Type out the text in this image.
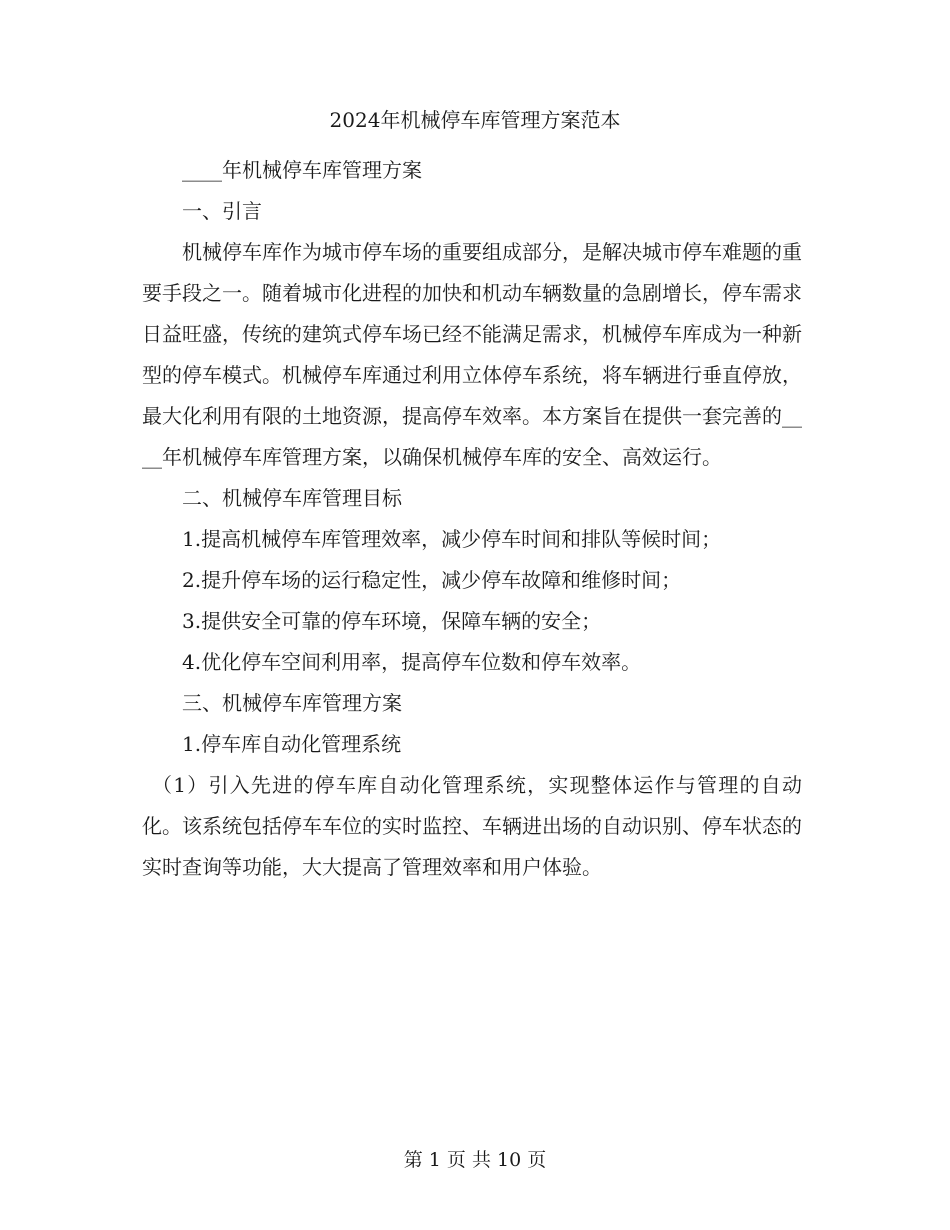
2024年机械停车库管理方案范本

____年机械停车库管理方案

一、引言

机械停车库作为城市停车场的重要组成部分，是解决城市停车难题的重要手段之一。随着城市化进程的加快和机动车辆数量的急剧增长，停车需求日益旺盛，传统的建筑式停车场已经不能满足需求，机械停车库成为一种新型的停车模式。机械停车库通过利用立体停车系统，将车辆进行垂直停放，最大化利用有限的土地资源，提高停车效率。本方案旨在提供一套完善的____年机械停车库管理方案，以确保机械停车库的安全、高效运行。

二、机械停车库管理目标

1.提高机械停车库管理效率，减少停车时间和排队等候时间；

2.提升停车场的运行稳定性，减少停车故障和维修时间；

3.提供安全可靠的停车环境，保障车辆的安全；

4.优化停车空间利用率，提高停车位数和停车效率。

三、机械停车库管理方案

1.停车库自动化管理系统

（1）引入先进的停车库自动化管理系统，实现整体运作与管理的自动化。该系统包括停车车位的实时监控、车辆进出场的自动识别、停车状态的实时查询等功能，大大提高了管理效率和用户体验。

第 1 页 共 10 页
